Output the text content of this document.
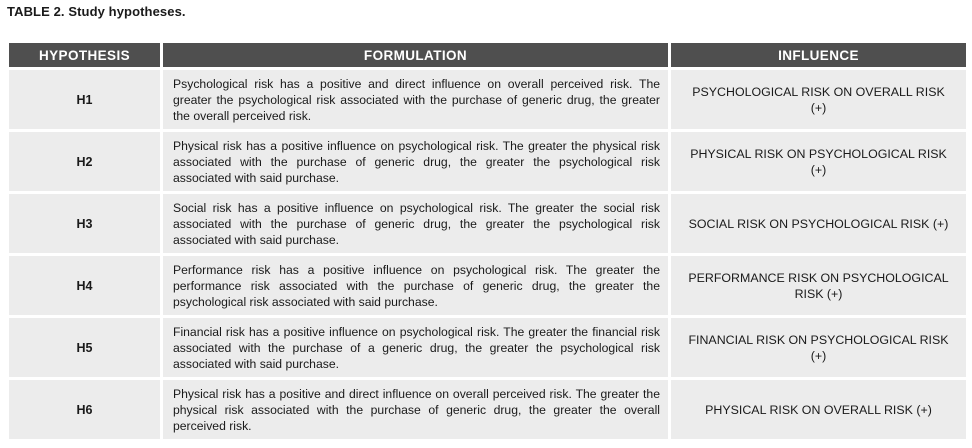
TABLE 2. Study hypotheses.
HYPOTHESIS	FORMULATION	INFLUENCE
H1	Psychological risk has a positive and direct influence on overall perceived risk. The greater the psychological risk associated with the purchase of generic drug, the greater the overall perceived risk.	PSYCHOLOGICAL RISK ON OVERALL RISK (+)
H2	Physical risk has a positive influence on psychological risk. The greater the physical risk associated with the purchase of generic drug, the greater the psychological risk associated with said purchase.	PHYSICAL RISK ON PSYCHOLOGICAL RISK (+)
H3	Social risk has a positive influence on psychological risk. The greater the social risk associated with the purchase of generic drug, the greater the psychological risk associated with said purchase.	SOCIAL RISK ON PSYCHOLOGICAL RISK (+)
H4	Performance risk has a positive influence on psychological risk. The greater the performance risk associated with the purchase of generic drug, the greater the psychological risk associated with said purchase.	PERFORMANCE RISK ON PSYCHOLOGICAL RISK (+)
H5	Financial risk has a positive influence on psychological risk. The greater the financial risk associated with the purchase of a generic drug, the greater the psychological risk associated with said purchase.	FINANCIAL RISK ON PSYCHOLOGICAL RISK (+)
H6	Physical risk has a positive and direct influence on overall perceived risk. The greater the physical risk associated with the purchase of generic drug, the greater the overall perceived risk.	PHYSICAL RISK ON OVERALL RISK (+)
